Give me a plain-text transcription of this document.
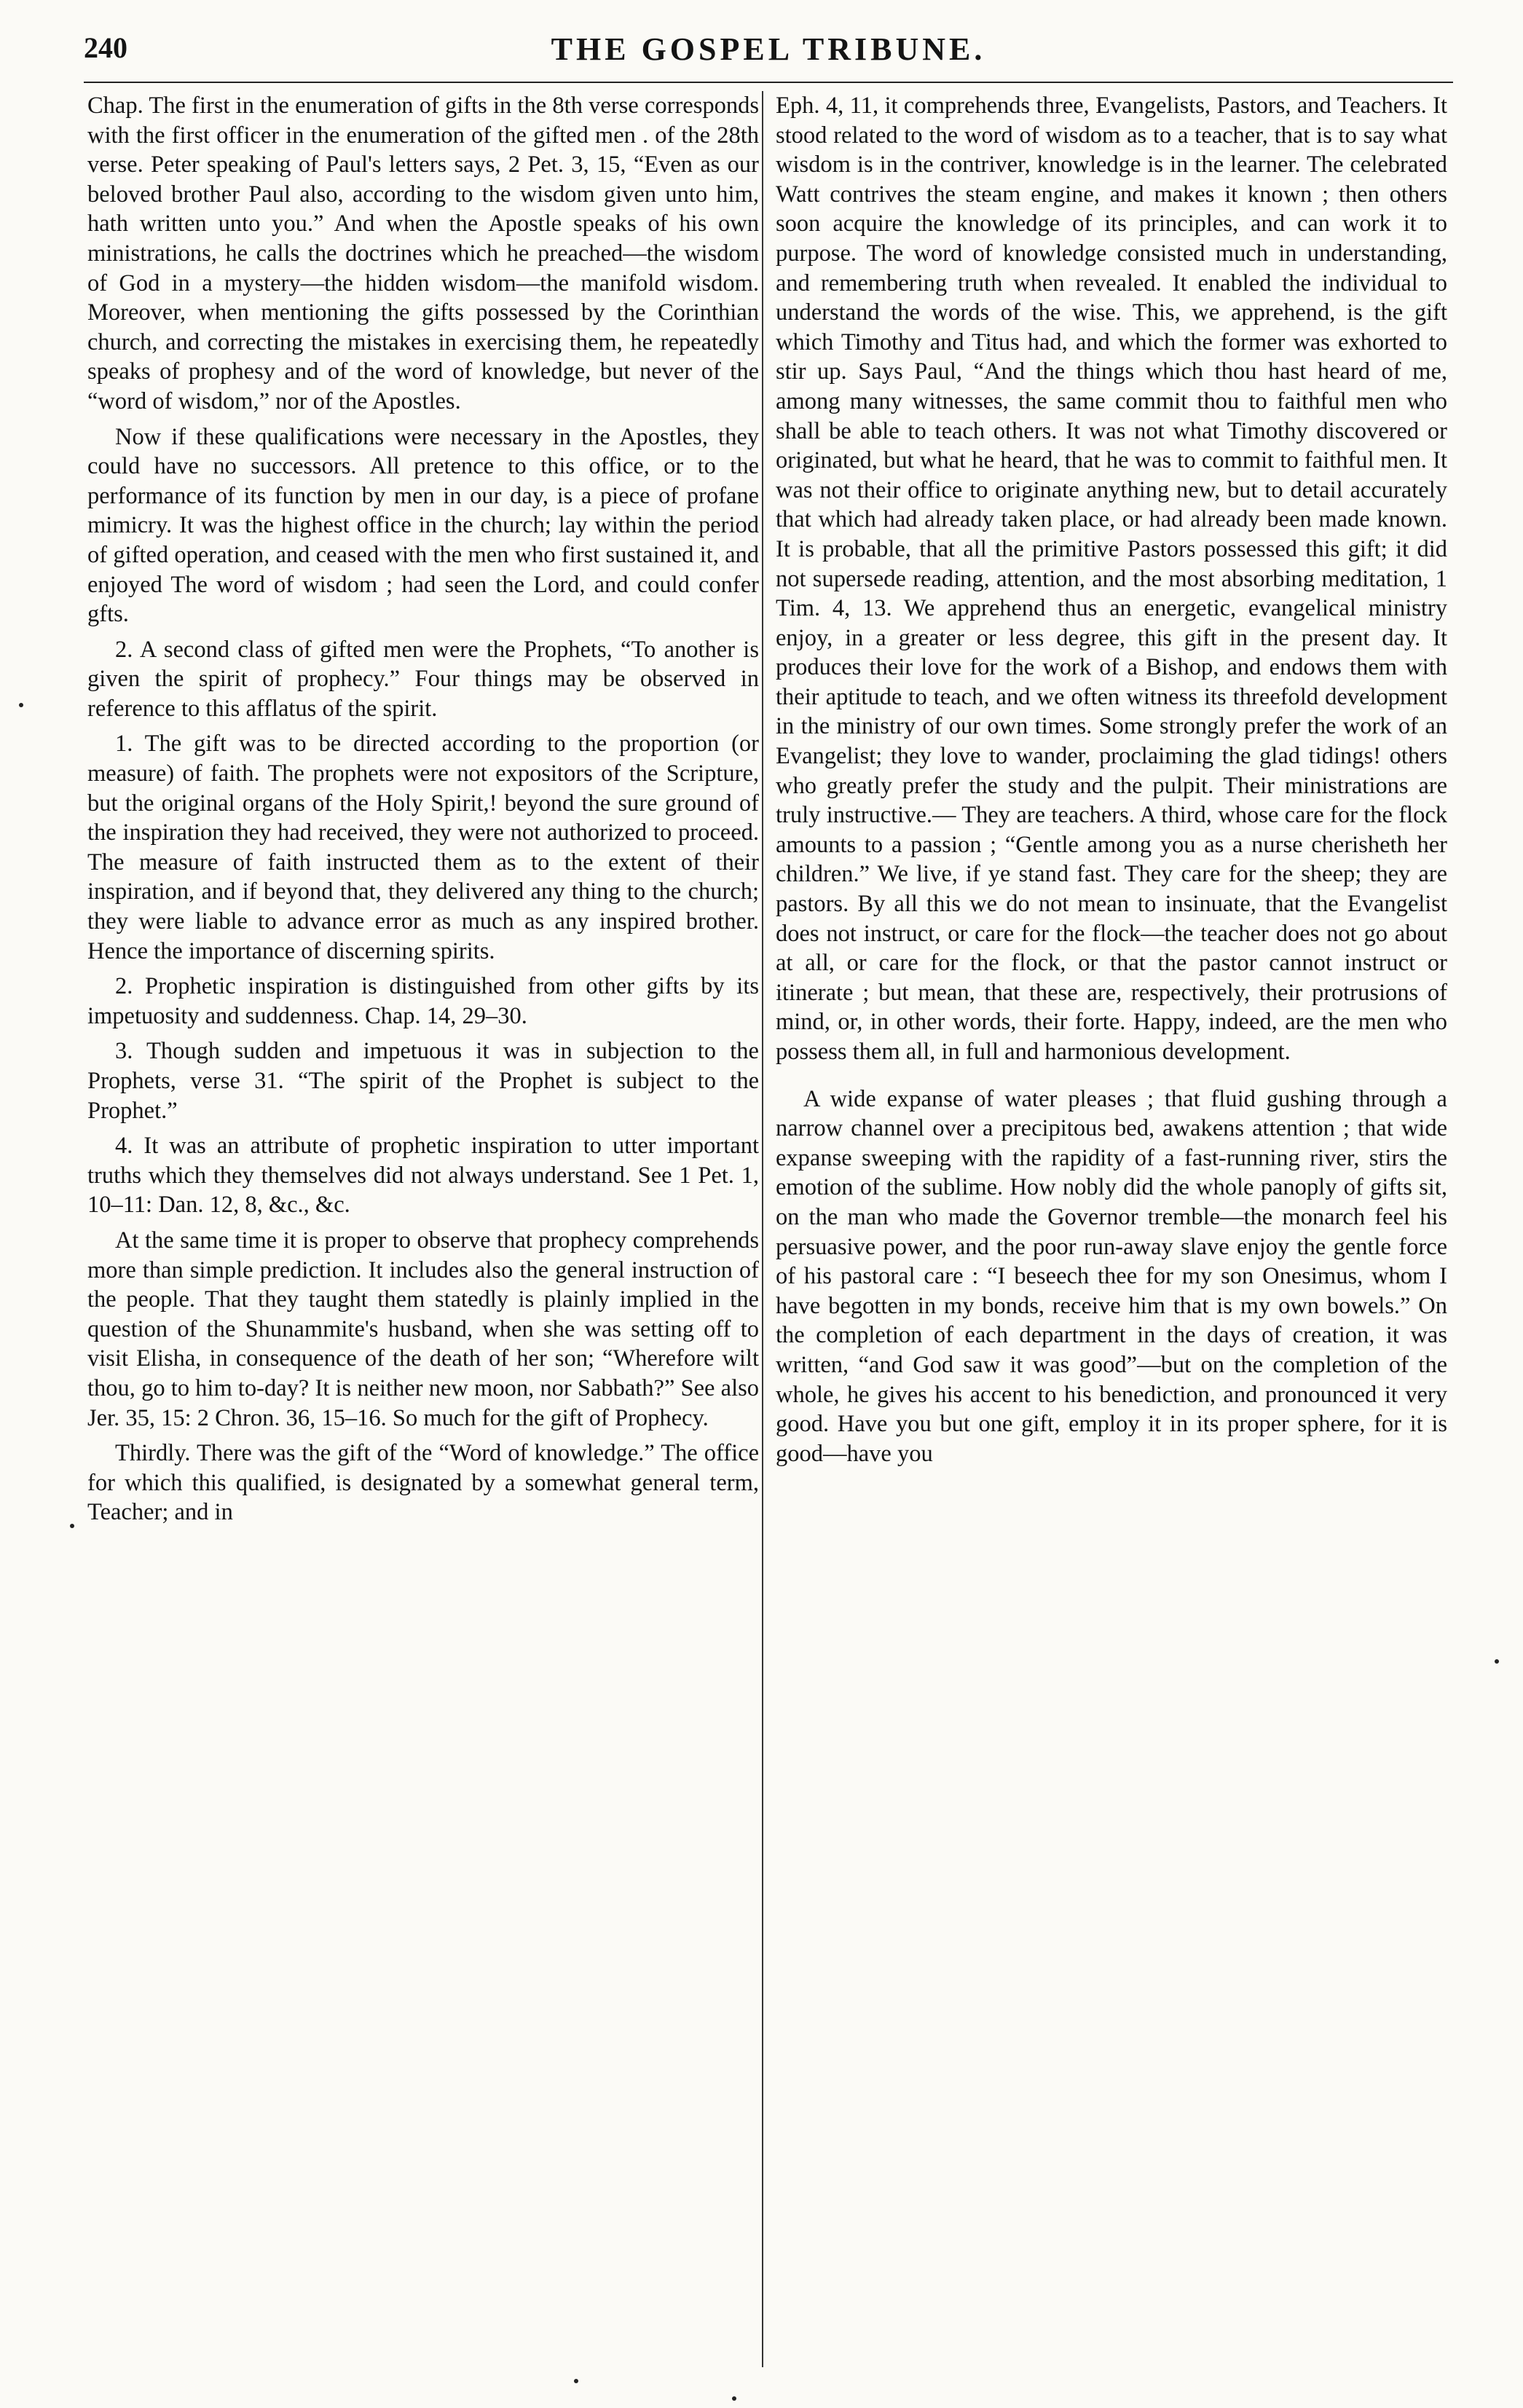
240	THE GOSPEL TRIBUNE.

Chap. The first in the enumeration of gifts in the 8th verse corresponds with the first officer in the enumeration of the gifted men . of the 28th verse. Peter speaking of Paul's letters says, 2 Pet. 3, 15, “Even as our beloved brother Paul also, according to the wisdom given unto him, hath written unto you.” And when the Apostle speaks of his own ministrations, he calls the doctrines which he preached—the wisdom of God in a mystery—the hidden wisdom—the manifold wisdom. Moreover, when mentioning the gifts possessed by the Corinthian church, and correcting the mistakes in exercising them, he repeatedly speaks of prophesy and of the word of knowledge, but never of the “word of wisdom,” nor of the Apostles.

Now if these qualifications were necessary in the Apostles, they could have no successors. All pretence to this office, or to the performance of its function by men in our day, is a piece of profane mimicry. It was the highest office in the church; lay within the period of gifted operation, and ceased with the men who first sustained it, and enjoyed The word of wisdom ; had seen the Lord, and could confer gfts.

2. A second class of gifted men were the Prophets, “To another is given the spirit of prophecy.” Four things may be observed in reference to this afflatus of the spirit.

1. The gift was to be directed according to the proportion (or measure) of faith. The prophets were not expositors of the Scripture, but the original organs of the Holy Spirit,! beyond the sure ground of the inspiration they had received, they were not authorized to proceed. The measure of faith instructed them as to the extent of their inspiration, and if beyond that, they delivered any thing to the church; they were liable to advance error as much as any inspired brother. Hence the importance of discerning spirits.

2. Prophetic inspiration is distinguished from other gifts by its impetuosity and suddenness. Chap. 14, 29–30.

3. Though sudden and impetuous it was in subjection to the Prophets, verse 31. “The spirit of the Prophet is subject to the Prophet.”

4. It was an attribute of prophetic inspiration to utter important truths which they themselves did not always understand. See 1 Pet. 1, 10–11: Dan. 12, 8, &c., &c.

At the same time it is proper to observe that prophecy comprehends more than simple prediction. It includes also the general instruction of the people. That they taught them statedly is plainly implied in the question of the Shunammite's husband, when she was setting off to visit Elisha, in consequence of the death of her son; “Wherefore wilt thou, go to him to-day? It is neither new moon, nor Sabbath?” See also Jer. 35, 15: 2 Chron. 36, 15–16. So much for the gift of Prophecy.

Thirdly. There was the gift of the “Word of knowledge.” The office for which this qualified, is designated by a somewhat general term, Teacher; and in

Eph. 4, 11, it comprehends three, Evangelists, Pastors, and Teachers. It stood related to the word of wisdom as to a teacher, that is to say what wisdom is in the contriver, knowledge is in the learner. The celebrated Watt contrives the steam engine, and makes it known ; then others soon acquire the knowledge of its principles, and can work it to purpose. The word of knowledge consisted much in understanding, and remembering truth when revealed. It enabled the individual to understand the words of the wise. This, we apprehend, is the gift which Timothy and Titus had, and which the former was exhorted to stir up. Says Paul, “And the things which thou hast heard of me, among many witnesses, the same commit thou to faithful men who shall be able to teach others. It was not what Timothy discovered or originated, but what he heard, that he was to commit to faithful men. It was not their office to originate anything new, but to detail accurately that which had already taken place, or had already been made known. It is probable, that all the primitive Pastors possessed this gift; it did not supersede reading, attention, and the most absorbing meditation, 1 Tim. 4, 13. We apprehend thus an energetic, evangelical ministry enjoy, in a greater or less degree, this gift in the present day. It produces their love for the work of a Bishop, and endows them with their aptitude to teach, and we often witness its threefold development in the ministry of our own times. Some strongly prefer the work of an Evangelist; they love to wander, proclaiming the glad tidings! others who greatly prefer the study and the pulpit. Their ministrations are truly instructive.— They are teachers. A third, whose care for the flock amounts to a passion ; “Gentle among you as a nurse cherisheth her children.” We live, if ye stand fast. They care for the sheep; they are pastors. By all this we do not mean to insinuate, that the Evangelist does not instruct, or care for the flock—the teacher does not go about at all, or care for the flock, or that the pastor cannot instruct or itinerate ; but mean, that these are, respectively, their protrusions of mind, or, in other words, their forte. Happy, indeed, are the men who possess them all, in full and harmonious development.

A wide expanse of water pleases ; that fluid gushing through a narrow channel over a precipitous bed, awakens attention ; that wide expanse sweeping with the rapidity of a fast-running river, stirs the emotion of the sublime. How nobly did the whole panoply of gifts sit, on the man who made the Governor tremble—the monarch feel his persuasive power, and the poor run-away slave enjoy the gentle force of his pastoral care : “I beseech thee for my son Onesimus, whom I have begotten in my bonds, receive him that is my own bowels.” On the completion of each department in the days of creation, it was written, “and God saw it was good”—but on the completion of the whole, he gives his accent to his benediction, and pronounced it very good. Have you but one gift, employ it in its proper sphere, for it is good—have you
